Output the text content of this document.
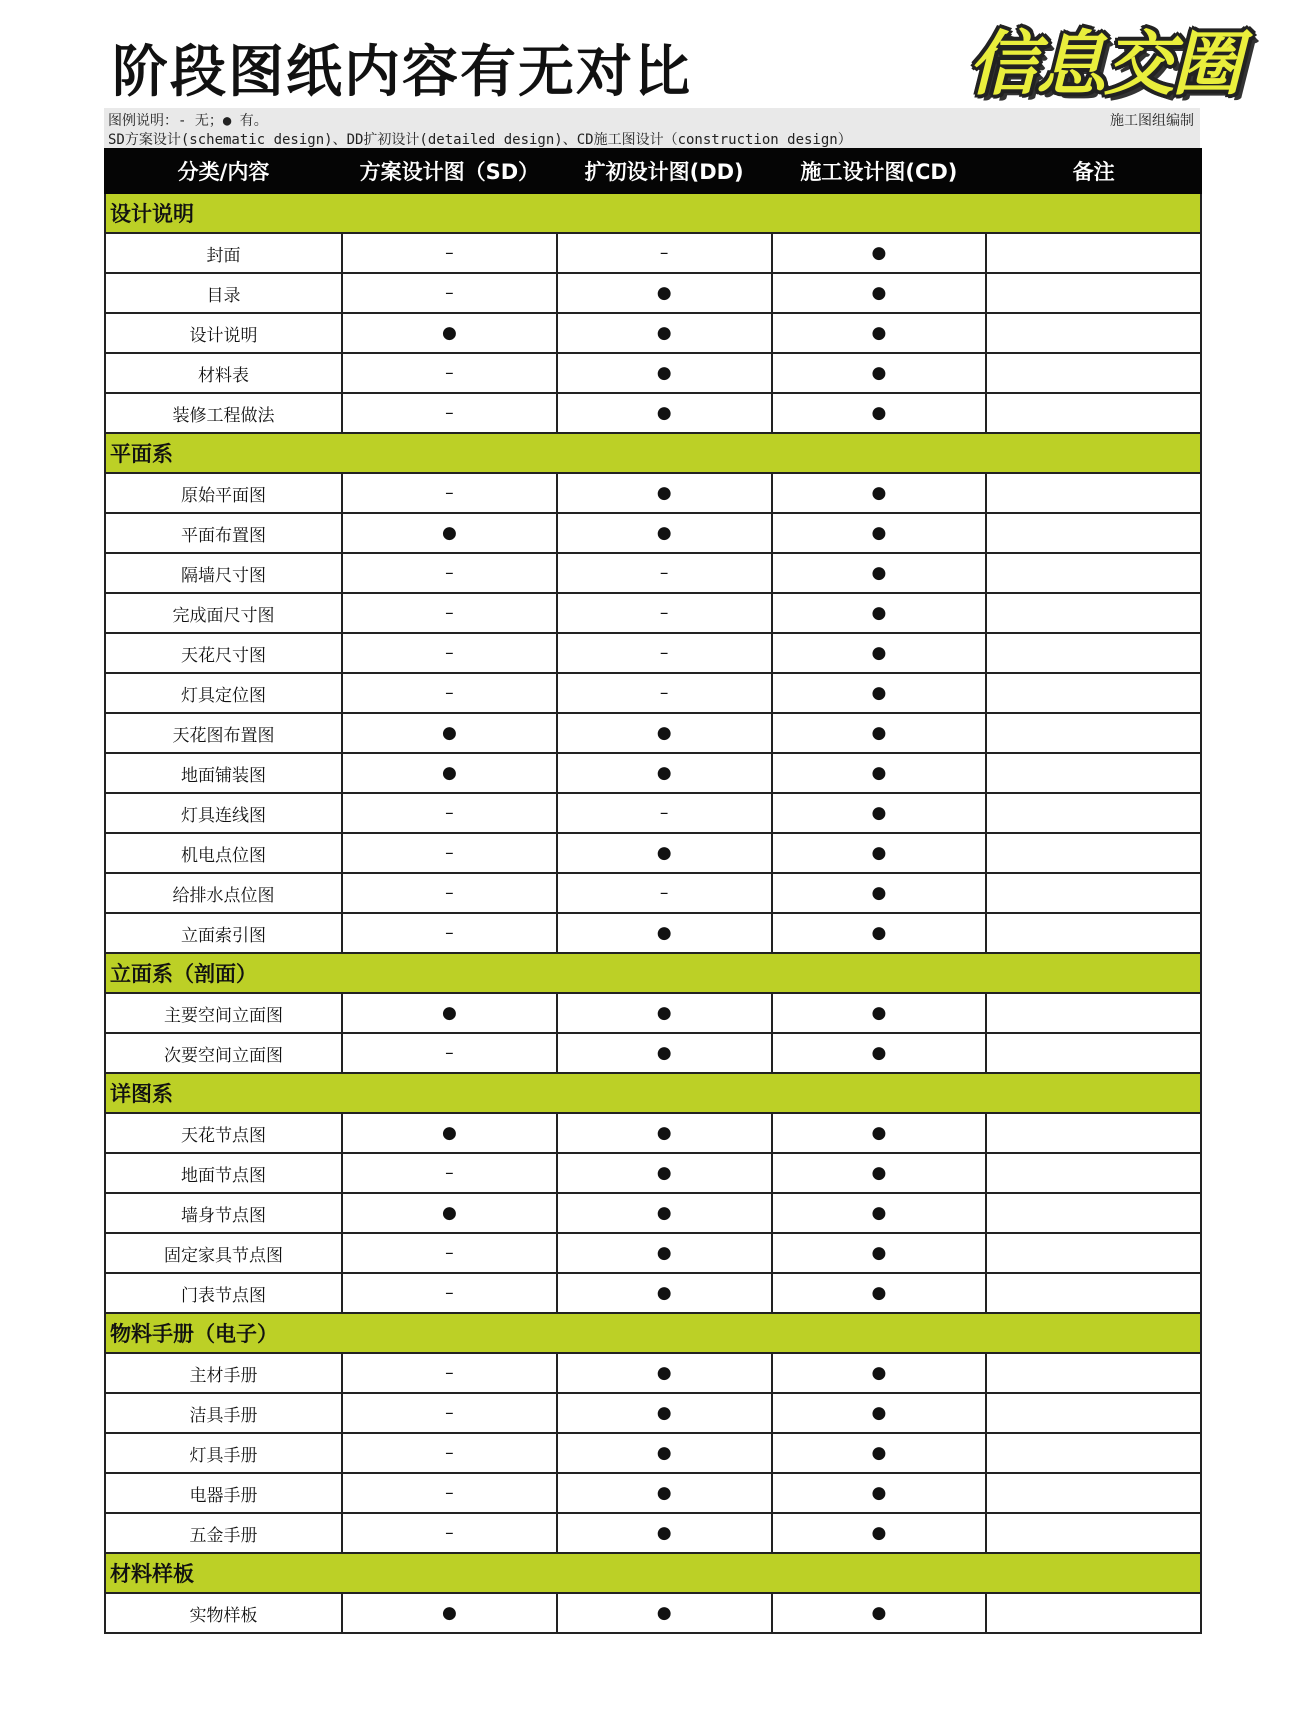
阶段图纸内容有无对比	信息交圈
图例说明：- 无；● 有。
SD方案设计(schematic design)、DD扩初设计(detailed design)、CD施工图设计（construction design）
施工图组编制
分类/内容	方案设计图（SD）	扩初设计图(DD)	施工设计图(CD)	备注
设计说明				
封面	–	–	●	
目录	–	●	●	
设计说明	●	●	●	
材料表	–	●	●	
装修工程做法	–	●	●	
平面系				
原始平面图	–	●	●	
平面布置图	●	●	●	
隔墙尺寸图	–	–	●	
完成面尺寸图	–	–	●	
天花尺寸图	–	–	●	
灯具定位图	–	–	●	
天花图布置图	●	●	●	
地面铺装图	●	●	●	
灯具连线图	–	–	●	
机电点位图	–	●	●	
给排水点位图	–	–	●	
立面索引图	–	●	●	
立面系（剖面）				
主要空间立面图	●	●	●	
次要空间立面图	–	●	●	
详图系				
天花节点图	●	●	●	
地面节点图	–	●	●	
墙身节点图	●	●	●	
固定家具节点图	–	●	●	
门表节点图	–	●	●	
物料手册（电子）				
主材手册	–	●	●	
洁具手册	–	●	●	
灯具手册	–	●	●	
电器手册	–	●	●	
五金手册	–	●	●	
材料样板				
实物样板	●	●	●	
